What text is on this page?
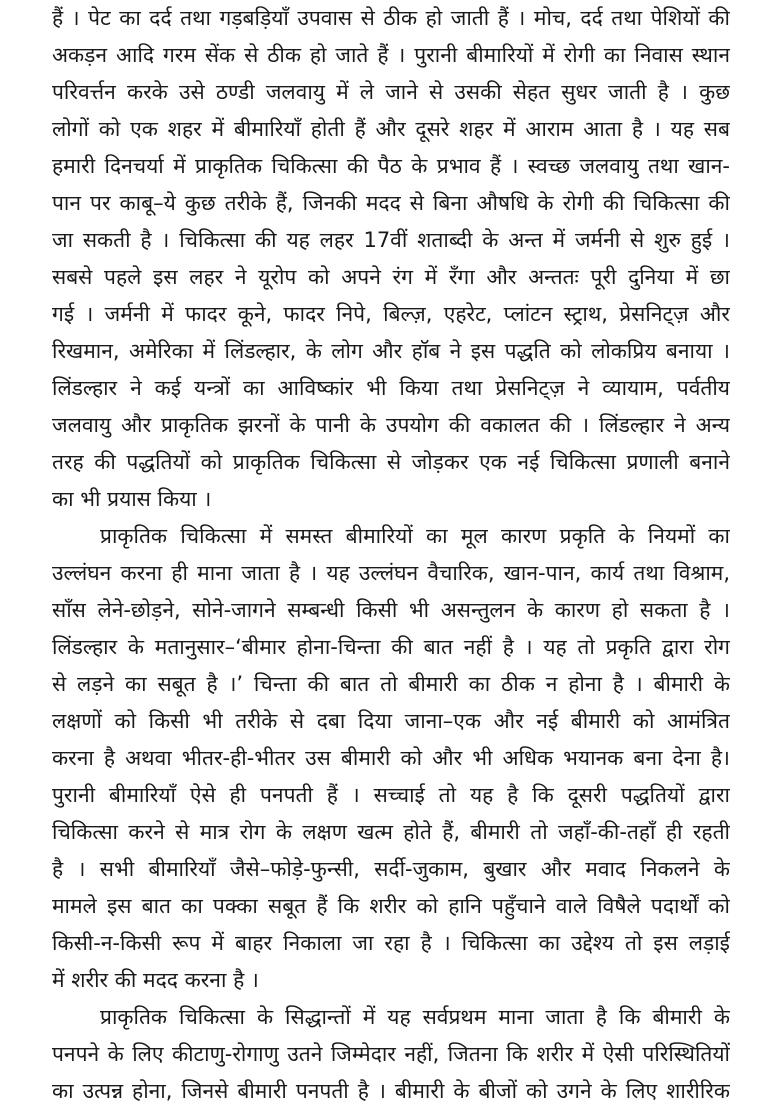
हैं । पेट का दर्द तथा गड़बड़ियाँ उपवास से ठीक हो जाती हैं । मोच, दर्द तथा पेशियों की
अकड़न आदि गरम सेंक से ठीक हो जाते हैं । पुरानी बीमारियों में रोगी का निवास स्थान
परिवर्त्तन करके उसे ठण्डी जलवायु में ले जाने से उसकी सेहत सुधर जाती है । कुछ
लोगों को एक शहर में बीमारियाँ होती हैं और दूसरे शहर में आराम आता है । यह सब
हमारी दिनचर्या में प्राकृतिक चिकित्सा की पैठ के प्रभाव हैं । स्वच्छ जलवायु तथा खान-
पान पर काबू–ये कुछ तरीके हैं, जिनकी मदद से बिना औषधि के रोगी की चिकित्सा की
जा सकती है । चिकित्सा की यह लहर 17वीं शताब्दी के अन्त में जर्मनी से शुरु हुई ।
सबसे पहले इस लहर ने यूरोप को अपने रंग में रँगा और अन्ततः पूरी दुनिया में छा
गई । जर्मनी में फादर कूने, फादर निपे, बिल्ज़, एहरेट, प्लांटन स्ट्राथ, प्रेसनिट्ज़ और
रिखमान, अमेरिका में लिंडल्हार, के लोग और हॉब ने इस पद्धति को लोकप्रिय बनाया ।
लिंडल्हार ने कई यन्त्रों का आविष्कांर भी किया तथा प्रेसनिट्ज़ ने व्यायाम, पर्वतीय
जलवायु और प्राकृतिक झरनों के पानी के उपयोग की वकालत की । लिंडल्हार ने अन्य
तरह की पद्धतियों को प्राकृतिक चिकित्सा से जोड़कर एक नई चिकित्सा प्रणाली बनाने
का भी प्रयास किया ।
प्राकृतिक चिकित्सा में समस्त बीमारियों का मूल कारण प्रकृति के नियमों का
उल्लंघन करना ही माना जाता है । यह उल्लंघन वैचारिक, खान-पान, कार्य तथा विश्राम,
साँस लेने-छोड़ने, सोने-जागने सम्बन्धी किसी भी असन्तुलन के कारण हो सकता है ।
लिंडल्हार के मतानुसार–‘बीमार होना-चिन्ता की बात नहीं है । यह तो प्रकृति द्वारा रोग
से लड़ने का सबूत है ।’ चिन्ता की बात तो बीमारी का ठीक न होना है । बीमारी के
लक्षणों को किसी भी तरीके से दबा दिया जाना–एक और नई बीमारी को आमंत्रित
करना है अथवा भीतर-ही-भीतर उस बीमारी को और भी अधिक भयानक बना देना है।
पुरानी बीमारियाँ ऐसे ही पनपती हैं । सच्चाई तो यह है कि दूसरी पद्धतियों द्वारा
चिकित्सा करने से मात्र रोग के लक्षण खत्म होते हैं, बीमारी तो जहाँ-की-तहाँ ही रहती
है । सभी बीमारियाँ जैसे–फोड़े-फुन्सी, सर्दी-जुकाम, बुखार और मवाद निकलने के
मामले इस बात का पक्का सबूत हैं कि शरीर को हानि पहुँचाने वाले विषैले पदार्थों को
किसी-न-किसी रूप में बाहर निकाला जा रहा है । चिकित्सा का उद्देश्य तो इस लड़ाई
में शरीर की मदद करना है ।
प्राकृतिक चिकित्सा के सिद्धान्तों में यह सर्वप्रथम माना जाता है कि बीमारी के
पनपने के लिए कीटाणु-रोगाणु उतने जिम्मेदार नहीं, जितना कि शरीर में ऐसी परिस्थितियों
का उत्पन्न होना, जिनसे बीमारी पनपती है । बीमारी के बीजों को उगने के लिए शारीरिक
